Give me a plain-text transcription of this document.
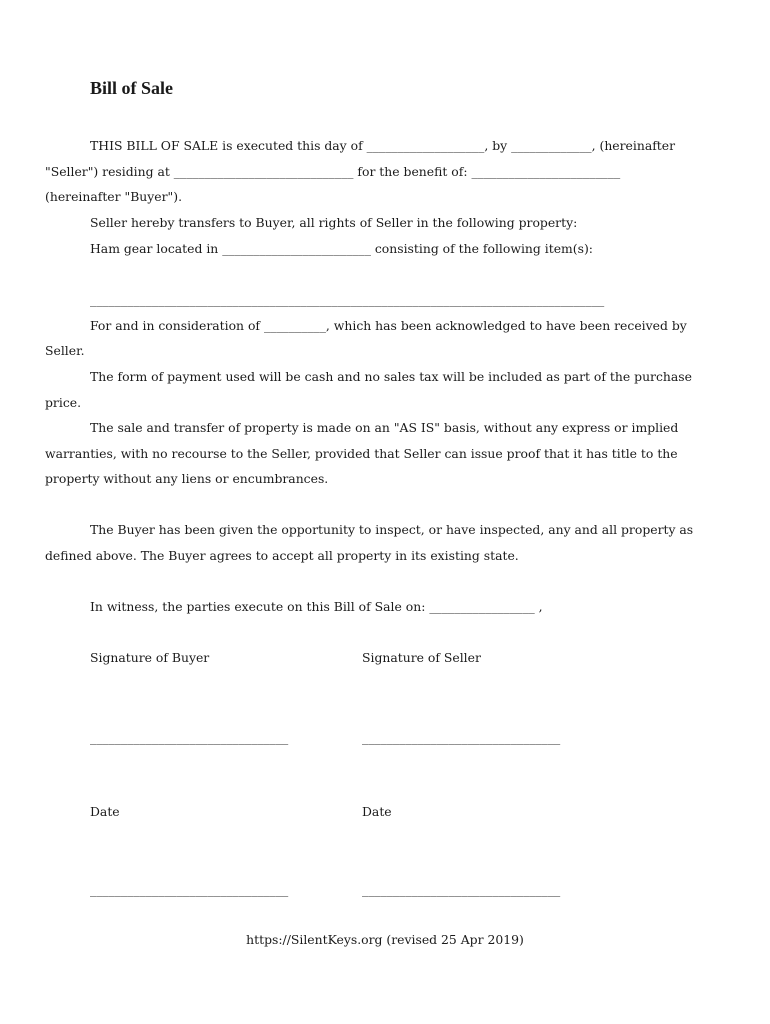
Bill of Sale
THIS BILL OF SALE is executed this day of ___________________, by _____________, (hereinafter
"Seller") residing at _____________________________ for the benefit of: ________________________
(hereinafter "Buyer").
Seller hereby transfers to Buyer, all rights of Seller in the following property:
Ham gear located in ________________________ consisting of the following item(s):
___________________________________________________________________________________
For and in consideration of __________, which has been acknowledged to have been received by
Seller.
The form of payment used will be cash and no sales tax will be included as part of the purchase
price.
The sale and transfer of property is made on an "AS IS" basis, without any express or implied
warranties, with no recourse to the Seller, provided that Seller can issue proof that it has title to the
property without any liens or encumbrances.
The Buyer has been given the opportunity to inspect, or have inspected, any and all property as
defined above. The Buyer agrees to accept all property in its existing state.
In witness, the parties execute on this Bill of Sale on: _________________ ,
Signature of Buyer	Signature of Seller
________________________________	________________________________
Date	Date
________________________________	________________________________
https://SilentKeys.org (revised 25 Apr 2019)
